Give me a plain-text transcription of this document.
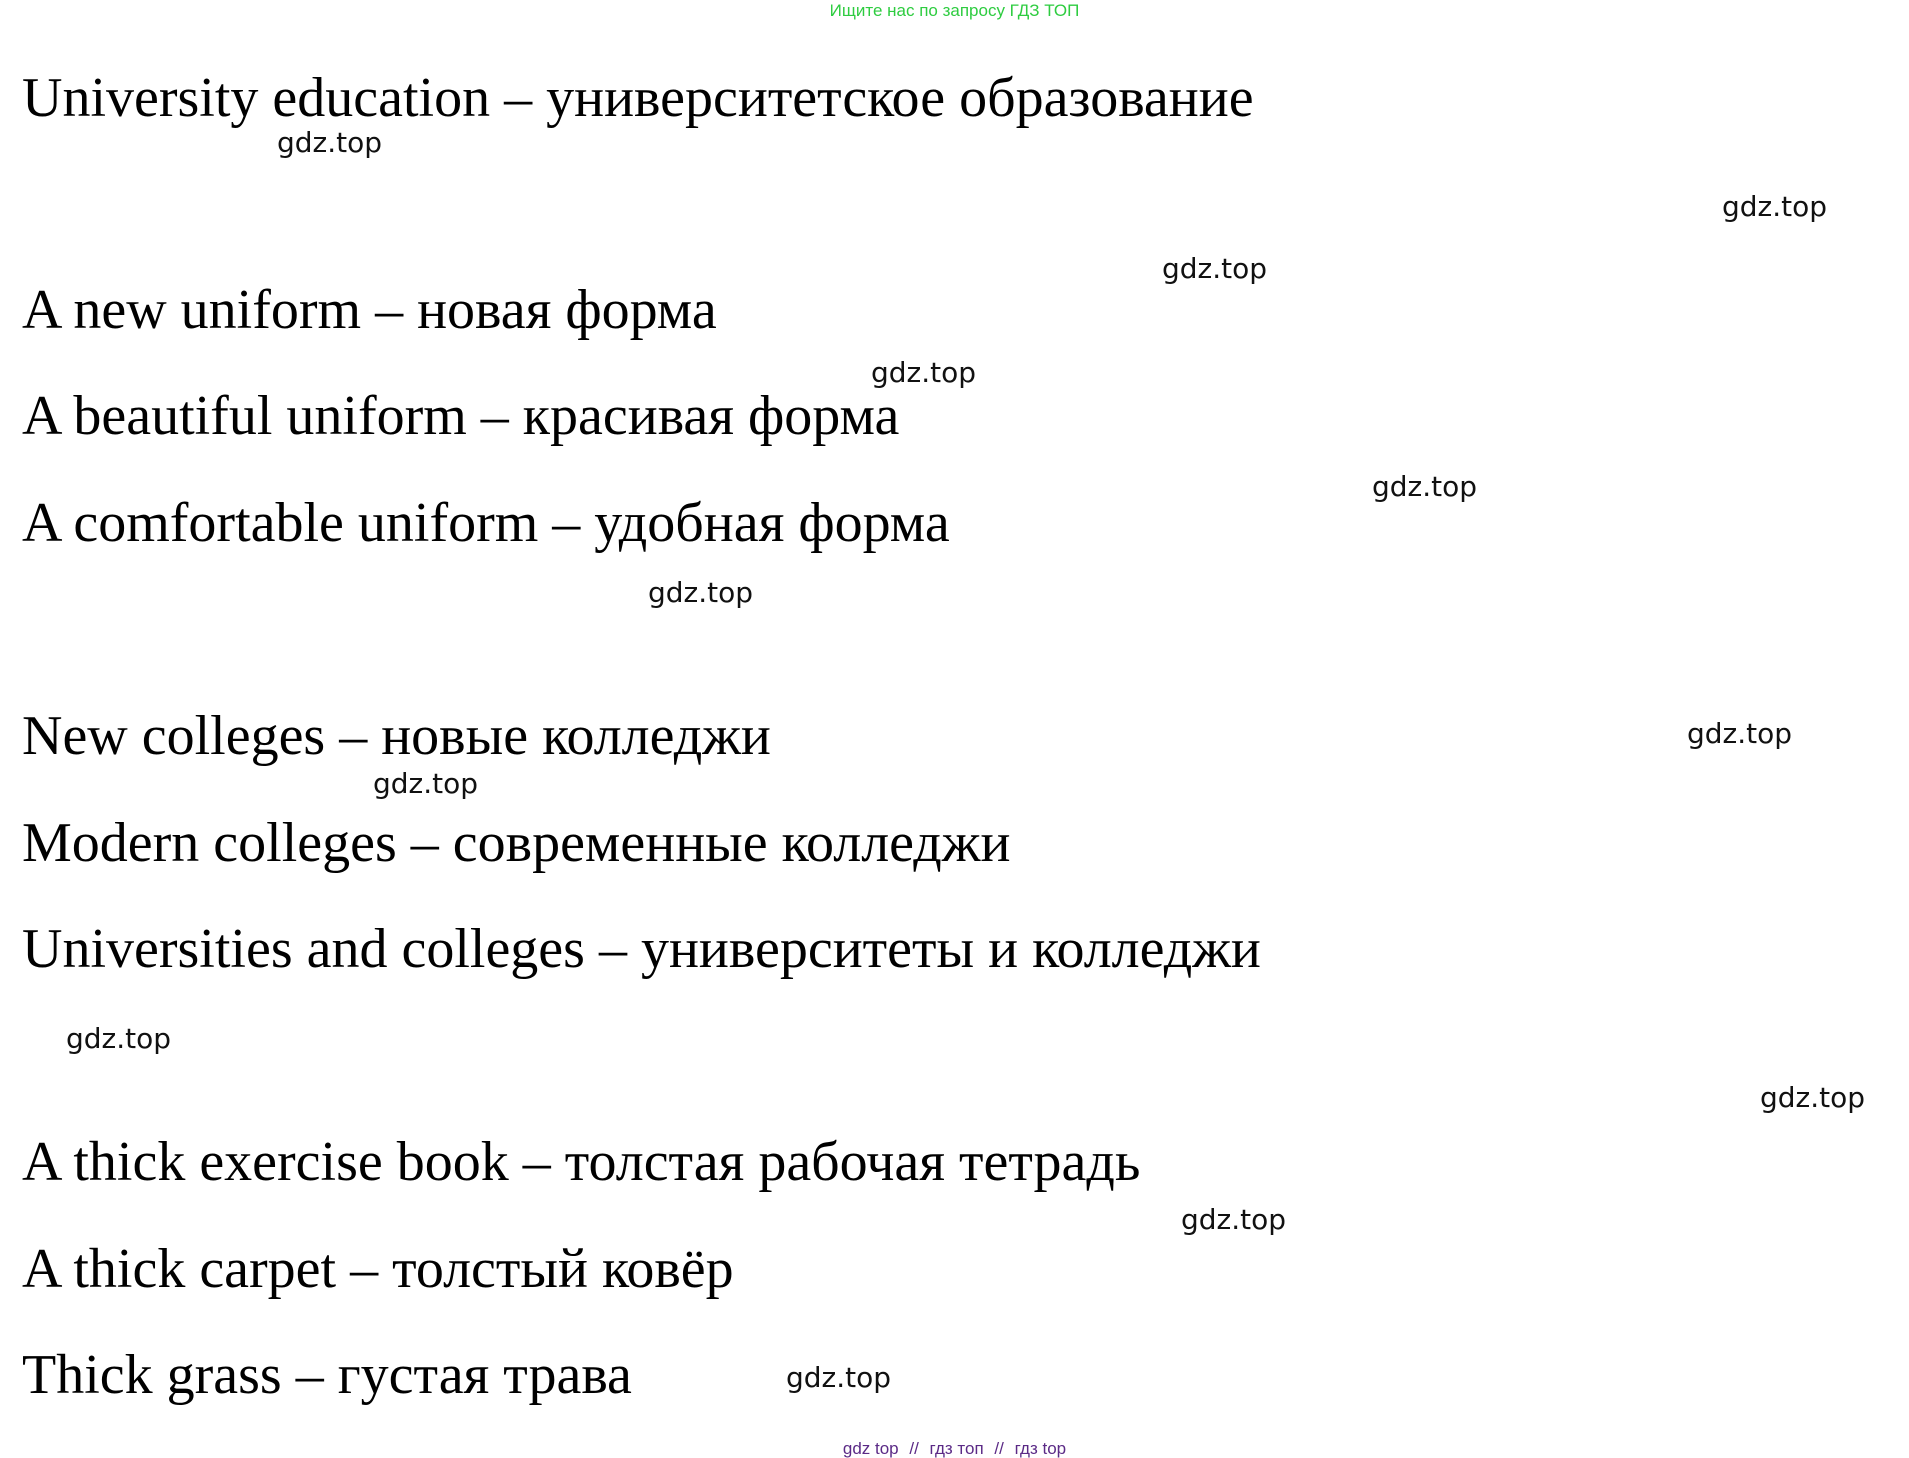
Ищите нас по запросу ГДЗ ТОП

University education – университетское образование

A new uniform – новая форма

A beautiful uniform – красивая форма

A comfortable uniform – удобная форма

New colleges – новые колледжи

Modern colleges – современные колледжи

Universities and colleges – университеты и колледжи

A thick exercise book – толстая рабочая тетрадь

A thick carpet – толстый ковёр

Thick grass – густая трава

gdz.top
gdz.top
gdz.top
gdz.top
gdz.top
gdz.top
gdz.top
gdz.top
gdz.top
gdz.top
gdz.top
gdz.top
gdz top // гдз топ // гдз top
